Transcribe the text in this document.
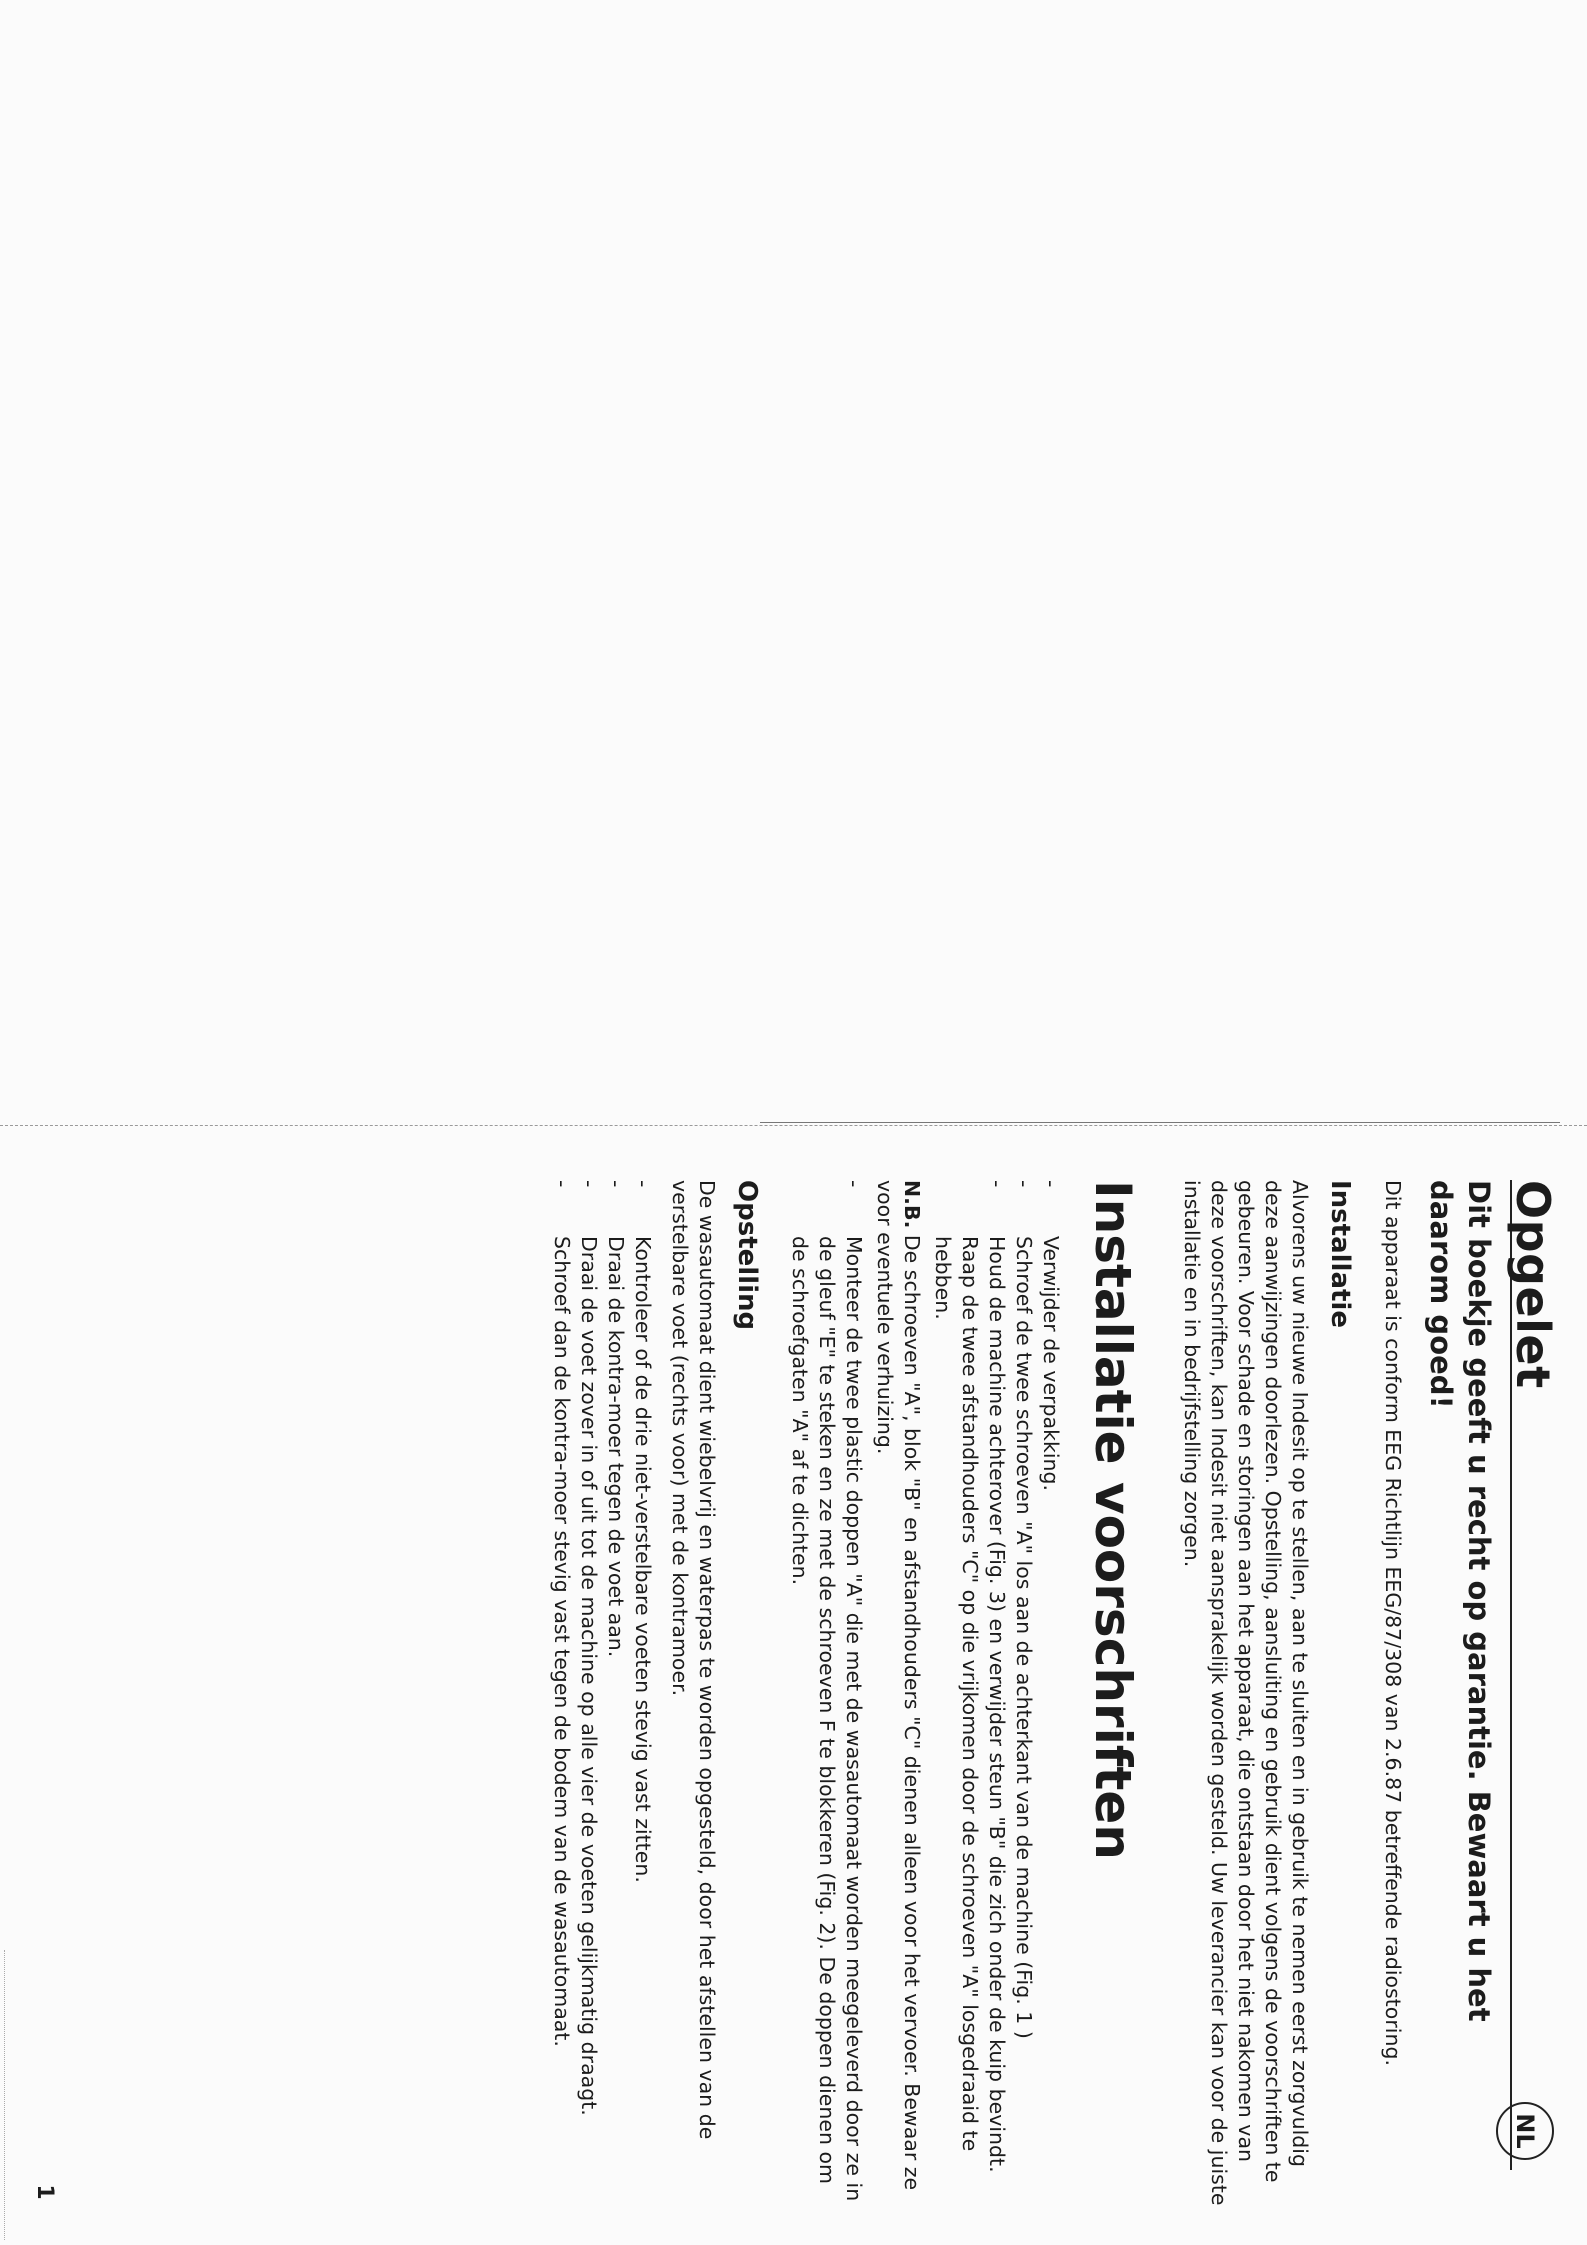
NL
1
Opgelet
Dit boekje geeft u recht op garantie. Bewaart u het daarom goed!

Dit apparaat is conform EEG Richtlijn EEG/87/308 van 2.6.87 betreffende radiostoring.

Installatie

Alvorens uw nieuwe Indesit op te stellen, aan te sluiten en in gebruik te nemen eerst zorgvuldig deze aanwijzingen doorlezen. Opstelling, aansluiting en gebruik dient volgens de voorschriften te gebeuren. Voor schade en storingen aan het apparaat, die ontstaan door het niet nakomen van deze voorschriften, kan Indesit niet aansprakelijk worden gesteld. Uw leverancier kan voor de juiste installatie en in bedrijfstelling zorgen.

Installatie voorschriften
- Verwijder de verpakking.
- Schroef de twee schroeven "A" los aan de achterkant van de machine (Fig. 1 )
- Houd de machine achterover (Fig. 3) en verwijder steun "B" die zich onder de kuip bevindt. Raap de twee afstandhouders "C" op die vrijkomen door de schroeven "A" losgedraaid te hebben.
N.B. De schroeven "A", blok "B" en afstandhouders "C" dienen alleen voor het vervoer. Bewaar ze voor eventuele verhuizing.
- Monteer de twee plastic doppen "A" die met de wasautomaat worden meegeleverd door ze in de gleuf "E" te steken en ze met de schroeven F te blokkeren (Fig. 2). De doppen dienen om de schroefgaten "A" af te dichten.
Opstelling

De wasautomaat dient wiebelvrij en waterpas te worden opgesteld, door het afstellen van de verstelbare voet (rechts voor) met de kontramoer.

- Kontroleer of de drie niet-verstelbare voeten stevig vast zitten.
- Draai de kontra-moer tegen de voet aan.
- Draai de voet zover in of uit tot de machine op alle vier de voeten gelijkmatig draagt.
- Schroef dan de kontra-moer stevig vast tegen de bodem van de wasautomaat.
